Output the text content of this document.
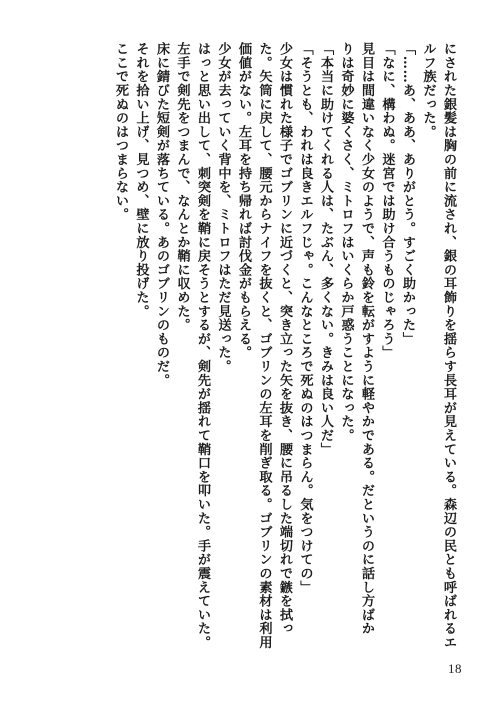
にされた銀髪は胸の前に流され、銀の耳飾りを揺らす長耳が見えている。森辺の民とも呼ばれるエ

ルフ族だった。

「……あ、ああ、ありがとう。すごく助かった」

「なに、構わぬ。迷宮では助け合うものじゃろう」

見目は間違いなく少女のようで、声も鈴を転がすように軽やかである。だというのに話し方ばか

りは奇妙に婆くさく、ミトロフはいくらか戸惑うことになった。

「本当に助けてくれる人は、たぶん、多くない。きみは良い人だ」

「そうとも、われは良きエルフじゃ。こんなところで死ぬのはつまらん。気をつけての」

少女は慣れた様子でゴブリンに近づくと、突き立った矢を抜き、腰に吊るした端切れで鏃を拭っ

た。矢筒に戻して、腰元からナイフを抜くと、ゴブリンの左耳を削ぎ取る。ゴブリンの素材は利用

価値がない。左耳を持ち帰れば討伐金がもらえる。

少女が去っていく背中を、ミトロフはただ見送った。

はっと思い出して、刺突剣を鞘に戻そうとするが、剣先が揺れて鞘口を叩いた。手が震えていた。

左手で剣先をつまんで、なんとか鞘に収めた。

床に錆びた短剣が落ちている。あのゴブリンのものだ。

それを拾い上げ、見つめ、壁に放り投げた。

ここで死ぬのはつまらない。

18
